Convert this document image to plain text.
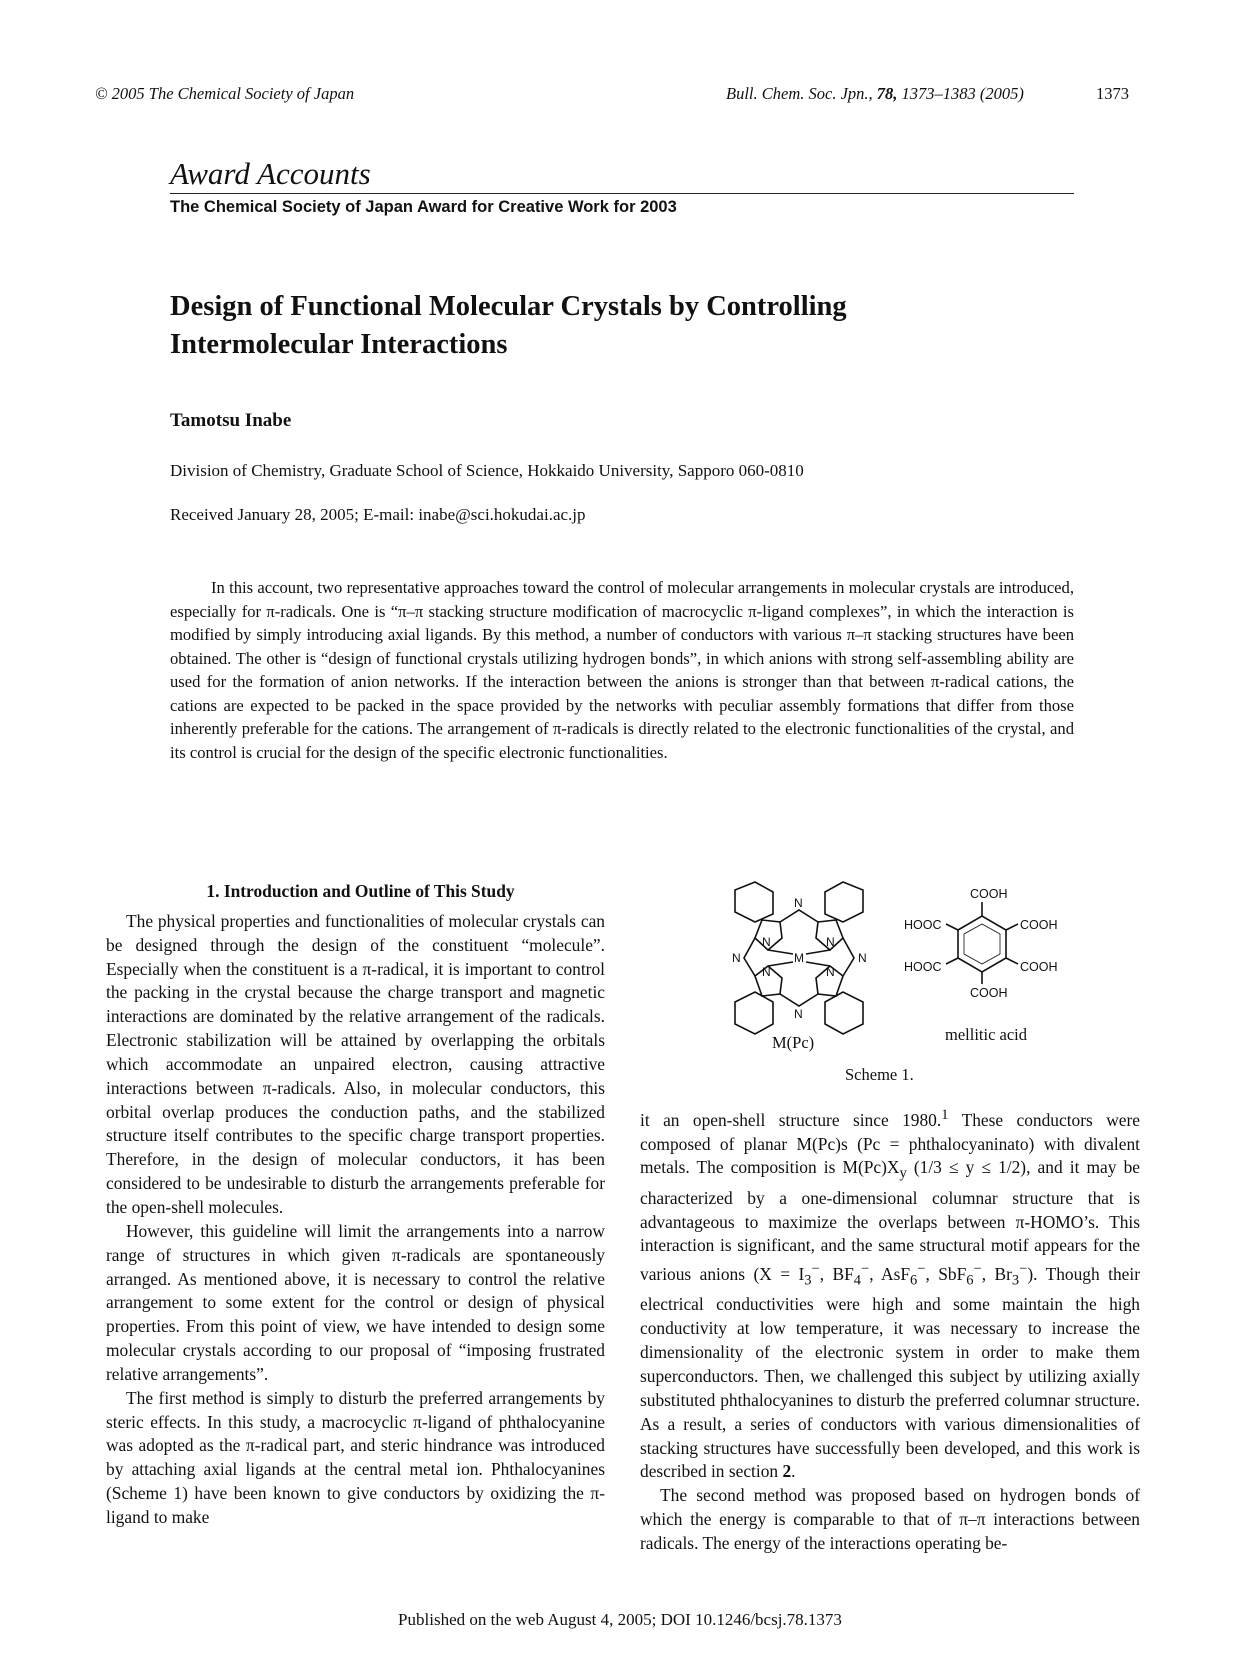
© 2005 The Chemical Society of Japan	Bull. Chem. Soc. Jpn., 78, 1373–1383 (2005)	1373
Award Accounts
The Chemical Society of Japan Award for Creative Work for 2003
Design of Functional Molecular Crystals by Controlling
Intermolecular Interactions
Tamotsu Inabe
Division of Chemistry, Graduate School of Science, Hokkaido University, Sapporo 060-0810
Received January 28, 2005; E-mail: inabe@sci.hokudai.ac.jp
In this account, two representative approaches toward the control of molecular arrangements in molecular crystals are introduced, especially for π-radicals. One is “π–π stacking structure modification of macrocyclic π-ligand complexes”, in which the interaction is modified by simply introducing axial ligands. By this method, a number of conductors with various π–π stacking structures have been obtained. The other is “design of functional crystals utilizing hydrogen bonds”, in which anions with strong self-assembling ability are used for the formation of anion networks. If the interaction between the anions is stronger than that between π-radical cations, the cations are expected to be packed in the space provided by the networks with peculiar assembly formations that differ from those inherently preferable for the cations. The arrangement of π-radicals is directly related to the electronic functionalities of the crystal, and its control is crucial for the design of the specific electronic functionalities.
1. Introduction and Outline of This Study

The physical properties and functionalities of molecular crystals can be designed through the design of the constituent “molecule”. Especially when the constituent is a π-radical, it is important to control the packing in the crystal because the charge transport and magnetic interactions are dominated by the relative arrangement of the radicals. Electronic stabilization will be attained by overlapping the orbitals which accommodate an unpaired electron, causing attractive interactions between π-radicals. Also, in molecular conductors, this orbital overlap produces the conduction paths, and the stabilized structure itself contributes to the specific charge transport properties. Therefore, in the design of molecular conductors, it has been considered to be undesirable to disturb the arrangements preferable for the open-shell molecules.

However, this guideline will limit the arrangements into a narrow range of structures in which given π-radicals are spontaneously arranged. As mentioned above, it is necessary to control the relative arrangement to some extent for the control or design of physical properties. From this point of view, we have intended to design some molecular crystals according to our proposal of “imposing frustrated relative arrangements”.

The first method is simply to disturb the preferred arrangements by steric effects. In this study, a macrocyclic π-ligand of phthalocyanine was adopted as the π-radical part, and steric hindrance was introduced by attaching axial ligands at the central metal ion. Phthalocyanines (Scheme 1) have been known to give conductors by oxidizing the π-ligand to make

N
N
N	N
N	N
N	N
M
COOH
COOH
COOH
COOH
HOOC
HOOC
M(Pc)	mellitic acid
Scheme 1.

it an open-shell structure since 1980.$^1$ These conductors were composed of planar M(Pc)s (Pc = phthalocyaninato) with divalent metals. The composition is $M(Pc)X_y$ (1/3 ≤ y ≤ 1/2), and it may be characterized by a one-dimensional columnar structure that is advantageous to maximize the overlaps between π-HOMO’s. This interaction is significant, and the same structural motif appears for the various anions ($X = I_3^-$, $BF_4^-$, AsF$_6$−, SbF$_6$−, $Br_3^-$). Though their electrical conductivities were high and some maintain the high conductivity at low temperature, it was necessary to increase the dimensionality of the electronic system in order to make them superconductors. Then, we challenged this subject by utilizing axially substituted phthalocyanines to disturb the preferred columnar structure. As a result, a series of conductors with various dimensionalities of stacking structures have successfully been developed, and this work is described in section 2.

The second method was proposed based on hydrogen bonds of which the energy is comparable to that of π–π interactions between radicals. The energy of the interactions operating be-

Published on the web August 4, 2005; DOI 10.1246/bcsj.78.1373
